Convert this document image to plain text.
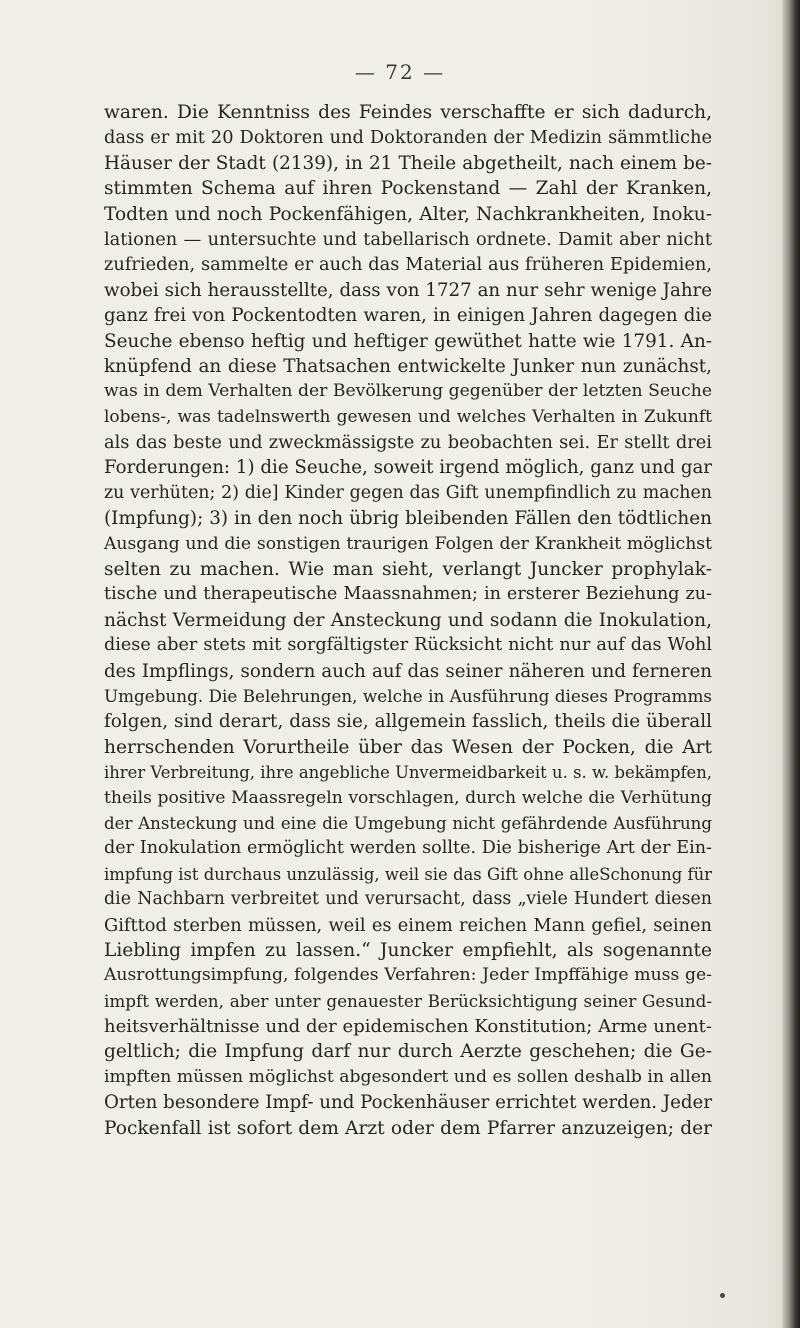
— 72 —

waren. Die Kenntniss des Feindes verschaffte er sich dadurch,
dass er mit 20 Doktoren und Doktoranden der Medizin sämmtliche
Häuser der Stadt (2139), in 21 Theile abgetheilt, nach einem be-
stimmten Schema auf ihren Pockenstand — Zahl der Kranken,
Todten und noch Pockenfähigen, Alter, Nachkrankheiten, Inoku-
lationen — untersuchte und tabellarisch ordnete. Damit aber nicht
zufrieden, sammelte er auch das Material aus früheren Epidemien,
wobei sich herausstellte, dass von 1727 an nur sehr wenige Jahre
ganz frei von Pockentodten waren, in einigen Jahren dagegen die
Seuche ebenso heftig und heftiger gewüthet hatte wie 1791. An-
knüpfend an diese Thatsachen entwickelte Junker nun zunächst,
was in dem Verhalten der Bevölkerung gegenüber der letzten Seuche
lobens-, was tadelnswerth gewesen und welches Verhalten in Zukunft
als das beste und zweckmässigste zu beobachten sei. Er stellt drei
Forderungen: 1) die Seuche, soweit irgend möglich, ganz und gar
zu verhüten; 2) die] Kinder gegen das Gift unempfindlich zu machen
(Impfung); 3) in den noch übrig bleibenden Fällen den tödtlichen
Ausgang und die sonstigen traurigen Folgen der Krankheit möglichst
selten zu machen. Wie man sieht, verlangt Juncker prophylak-
tische und therapeutische Maassnahmen; in ersterer Beziehung zu-
nächst Vermeidung der Ansteckung und sodann die Inokulation,
diese aber stets mit sorgfältigster Rücksicht nicht nur auf das Wohl
des Impflings, sondern auch auf das seiner näheren und ferneren
Umgebung. Die Belehrungen, welche in Ausführung dieses Programms
folgen, sind derart, dass sie, allgemein fasslich, theils die überall
herrschenden Vorurtheile über das Wesen der Pocken, die Art
ihrer Verbreitung, ihre angebliche Unvermeidbarkeit u. s. w. bekämpfen,
theils positive Maassregeln vorschlagen, durch welche die Verhütung
der Ansteckung und eine die Umgebung nicht gefährdende Ausführung
der Inokulation ermöglicht werden sollte. Die bisherige Art der Ein-
impfung ist durchaus unzulässig, weil sie das Gift ohne alleSchonung für
die Nachbarn verbreitet und verursacht, dass „viele Hundert diesen
Gifttod sterben müssen, weil es einem reichen Mann gefiel, seinen
Liebling impfen zu lassen.“ Juncker empfiehlt, als sogenannte
Ausrottungsimpfung, folgendes Verfahren: Jeder Impffähige muss ge-
impft werden, aber unter genauester Berücksichtigung seiner Gesund-
heitsverhältnisse und der epidemischen Konstitution; Arme unent-
geltlich; die Impfung darf nur durch Aerzte geschehen; die Ge-
impften müssen möglichst abgesondert und es sollen deshalb in allen
Orten besondere Impf- und Pockenhäuser errichtet werden. Jeder
Pockenfall ist sofort dem Arzt oder dem Pfarrer anzuzeigen; der
